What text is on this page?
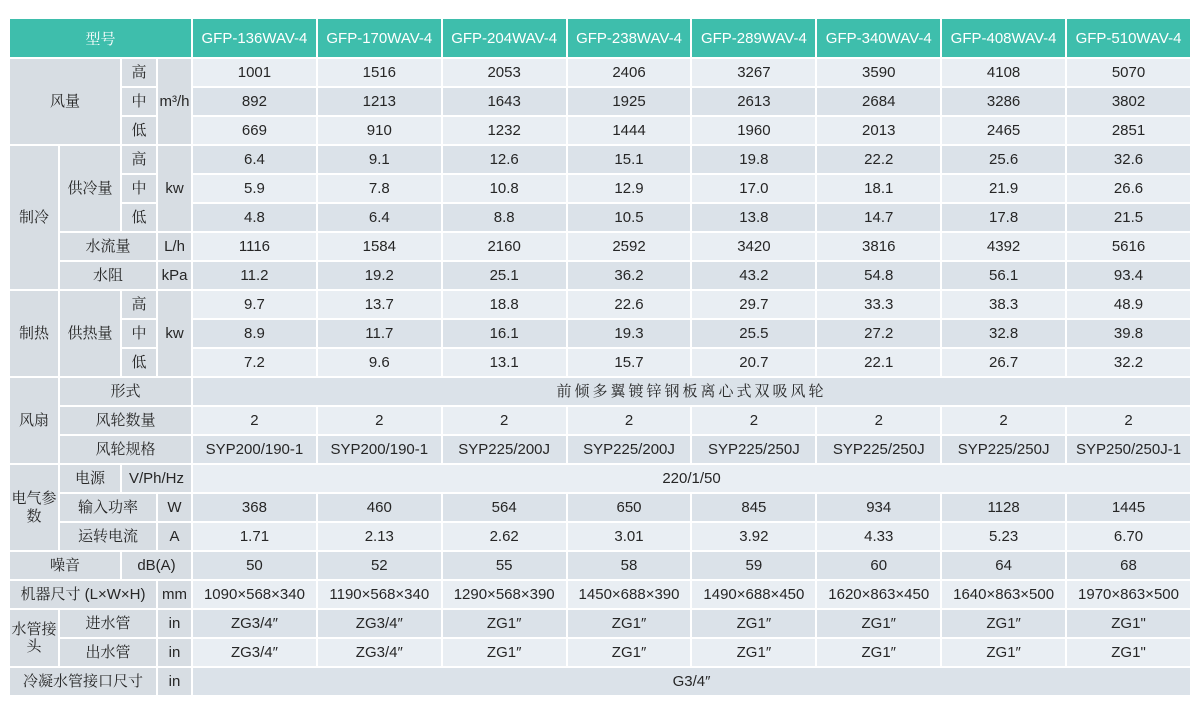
型号				GFP-136WAV-4	GFP-170WAV-4	GFP-204WAV-4	GFP-238WAV-4	GFP-289WAV-4	GFP-340WAV-4	GFP-408WAV-4	GFP-510WAV-4
风量		高	m³/h	1001	1516	2053	2406	3267	3590	4108	5070
		中		892	1213	1643	1925	2613	2684	3286	3802
		低		669	910	1232	1444	1960	2013	2465	2851
制冷	供冷量	高	kw	6.4	9.1	12.6	15.1	19.8	22.2	25.6	32.6
		中		5.9	7.8	10.8	12.9	17.0	18.1	21.9	26.6
		低		4.8	6.4	8.8	10.5	13.8	14.7	17.8	21.5
	水流量		L/h	1116	1584	2160	2592	3420	3816	4392	5616
	水阻		kPa	11.2	19.2	25.1	36.2	43.2	54.8	56.1	93.4
制热	供热量	高	kw	9.7	13.7	18.8	22.6	29.7	33.3	38.3	48.9
		中		8.9	11.7	16.1	19.3	25.5	27.2	32.8	39.8
		低		7.2	9.6	13.1	15.7	20.7	22.1	26.7	32.2
风扇	形式			前倾多翼镀锌钢板离心式双吸风轮							
	风轮数量			2	2	2	2	2	2	2	2
	风轮规格			SYP200/190-1	SYP200/190-1	SYP225/200J	SYP225/200J	SYP225/250J	SYP225/250J	SYP225/250J	SYP250/250J-1
电气参数	电源	V/Ph/Hz		220/1/50							
	输入功率		W	368	460	564	650	845	934	1128	1445
	运转电流		A	1.71	2.13	2.62	3.01	3.92	4.33	5.23	6.70
噪音		dB(A)		50	52	55	58	59	60	64	68
机器尺寸 (L×W×H)			mm	1090×568×340	1190×568×340	1290×568×390	1450×688×390	1490×688×450	1620×863×450	1640×863×500	1970×863×500
水管接头	进水管		in	ZG3/4″	ZG3/4″	ZG1″	ZG1″	ZG1″	ZG1″	ZG1″	ZG1"
	出水管		in	ZG3/4″	ZG3/4″	ZG1″	ZG1″	ZG1″	ZG1″	ZG1″	ZG1"
冷凝水管接口尺寸			in	G3/4″							
